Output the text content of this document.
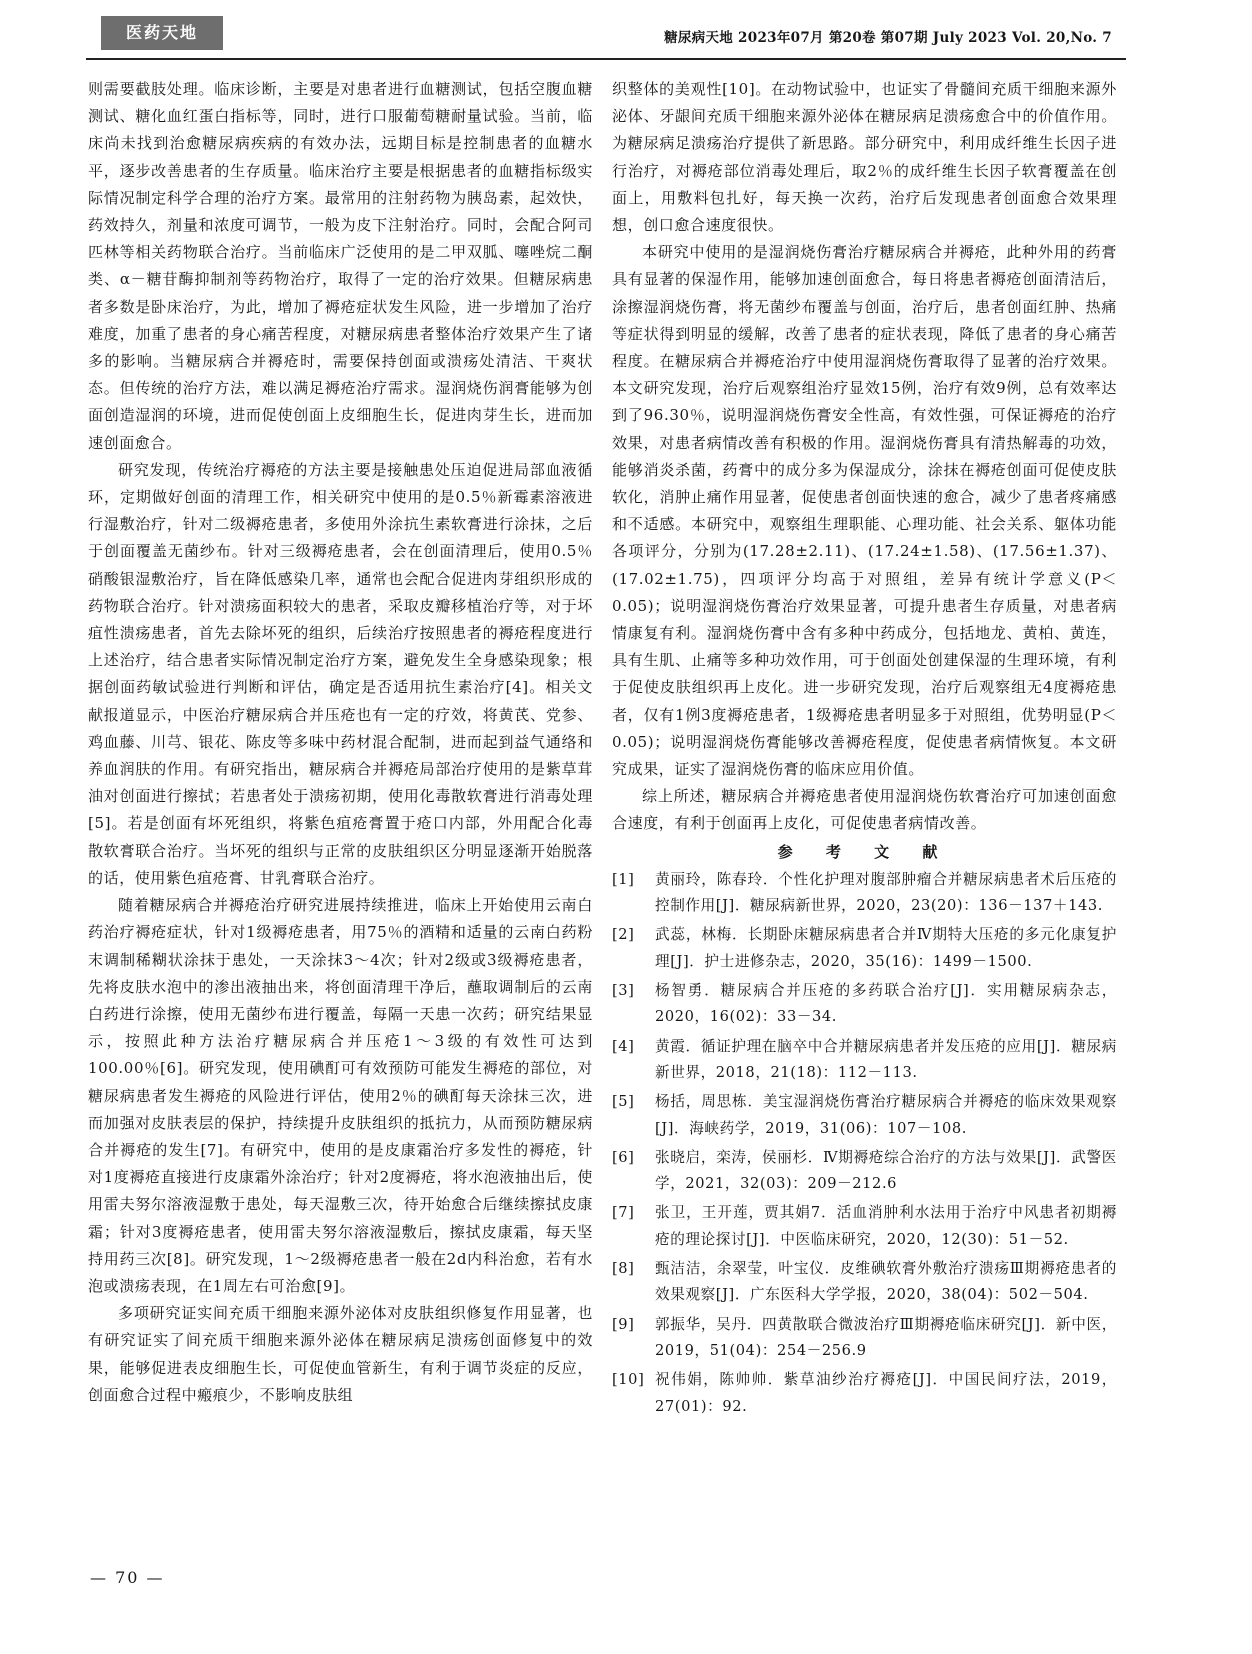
医药天地	糖尿病天地 2023年07月 第20卷 第07期 July 2023 Vol. 20,No. 7

则需要截肢处理。临床诊断，主要是对患者进行血糖测试，包括空腹血糖测试、糖化血红蛋白指标等，同时，进行口服葡萄糖耐量试验。当前，临床尚未找到治愈糖尿病疾病的有效办法，远期目标是控制患者的血糖水平，逐步改善患者的生存质量。临床治疗主要是根据患者的血糖指标级实际情况制定科学合理的治疗方案。最常用的注射药物为胰岛素，起效快，药效持久，剂量和浓度可调节，一般为皮下注射治疗。同时，会配合阿司匹林等相关药物联合治疗。当前临床广泛使用的是二甲双胍、噻唑烷二酮类、α－糖苷酶抑制剂等药物治疗，取得了一定的治疗效果。但糖尿病患者多数是卧床治疗，为此，增加了褥疮症状发生风险，进一步增加了治疗难度，加重了患者的身心痛苦程度，对糖尿病患者整体治疗效果产生了诸多的影响。当糖尿病合并褥疮时，需要保持创面或溃疡处清洁、干爽状态。但传统的治疗方法，难以满足褥疮治疗需求。湿润烧伤润膏能够为创面创造湿润的环境，进而促使创面上皮细胞生长，促进肉芽生长，进而加速创面愈合。

研究发现，传统治疗褥疮的方法主要是接触患处压迫促进局部血液循环，定期做好创面的清理工作，相关研究中使用的是0.5％新霉素溶液进行湿敷治疗，针对二级褥疮患者，多使用外涂抗生素软膏进行涂抹，之后于创面覆盖无菌纱布。针对三级褥疮患者，会在创面清理后，使用0.5％硝酸银湿敷治疗，旨在降低感染几率，通常也会配合促进肉芽组织形成的药物联合治疗。针对溃疡面积较大的患者，采取皮瓣移植治疗等，对于坏疽性溃疡患者，首先去除坏死的组织，后续治疗按照患者的褥疮程度进行上述治疗，结合患者实际情况制定治疗方案，避免发生全身感染现象；根据创面药敏试验进行判断和评估，确定是否适用抗生素治疗[4]。相关文献报道显示，中医治疗糖尿病合并压疮也有一定的疗效，将黄芪、党参、鸡血藤、川芎、银花、陈皮等多味中药材混合配制，进而起到益气通络和养血润肤的作用。有研究指出，糖尿病合并褥疮局部治疗使用的是紫草茸油对创面进行擦拭；若患者处于溃疡初期，使用化毒散软膏进行消毒处理[5]。若是创面有坏死组织，将紫色疽疮膏置于疮口内部，外用配合化毒散软膏联合治疗。当坏死的组织与正常的皮肤组织区分明显逐渐开始脱落的话，使用紫色疽疮膏、甘乳膏联合治疗。

随着糖尿病合并褥疮治疗研究进展持续推进，临床上开始使用云南白药治疗褥疮症状，针对1级褥疮患者，用75％的酒精和适量的云南白药粉末调制稀糊状涂抹于患处，一天涂抹3～4次；针对2级或3级褥疮患者，先将皮肤水泡中的渗出液抽出来，将创面清理干净后，蘸取调制后的云南白药进行涂擦，使用无菌纱布进行覆盖，每隔一天患一次药；研究结果显示，按照此种方法治疗糖尿病合并压疮1～3级的有效性可达到100.00％[6]。研究发现，使用碘酊可有效预防可能发生褥疮的部位，对糖尿病患者发生褥疮的风险进行评估，使用2％的碘酊每天涂抹三次，进而加强对皮肤表层的保护，持续提升皮肤组织的抵抗力，从而预防糖尿病合并褥疮的发生[7]。有研究中，使用的是皮康霜治疗多发性的褥疮，针对1度褥疮直接进行皮康霜外涂治疗；针对2度褥疮，将水泡液抽出后，使用雷夫努尔溶液湿敷于患处，每天湿敷三次，待开始愈合后继续擦拭皮康霜；针对3度褥疮患者，使用雷夫努尔溶液湿敷后，擦拭皮康霜，每天坚持用药三次[8]。研究发现，1～2级褥疮患者一般在2d内科治愈，若有水泡或溃疡表现，在1周左右可治愈[9]。

多项研究证实间充质干细胞来源外泌体对皮肤组织修复作用显著，也有研究证实了间充质干细胞来源外泌体在糖尿病足溃疡创面修复中的效果，能够促进表皮细胞生长，可促使血管新生，有利于调节炎症的反应，创面愈合过程中瘢痕少，不影响皮肤组

织整体的美观性[10]。在动物试验中，也证实了骨髓间充质干细胞来源外泌体、牙龈间充质干细胞来源外泌体在糖尿病足溃疡愈合中的价值作用。为糖尿病足溃疡治疗提供了新思路。部分研究中，利用成纤维生长因子进行治疗，对褥疮部位消毒处理后，取2％的成纤维生长因子软膏覆盖在创面上，用敷料包扎好，每天换一次药，治疗后发现患者创面愈合效果理想，创口愈合速度很快。

本研究中使用的是湿润烧伤膏治疗糖尿病合并褥疮，此种外用的药膏具有显著的保湿作用，能够加速创面愈合，每日将患者褥疮创面清洁后，涂擦湿润烧伤膏，将无菌纱布覆盖与创面，治疗后，患者创面红肿、热痛等症状得到明显的缓解，改善了患者的症状表现，降低了患者的身心痛苦程度。在糖尿病合并褥疮治疗中使用湿润烧伤膏取得了显著的治疗效果。本文研究发现，治疗后观察组治疗显效15例，治疗有效9例，总有效率达到了96.30％，说明湿润烧伤膏安全性高，有效性强，可保证褥疮的治疗效果，对患者病情改善有积极的作用。湿润烧伤膏具有清热解毒的功效，能够消炎杀菌，药膏中的成分多为保湿成分，涂抹在褥疮创面可促使皮肤软化，消肿止痛作用显著，促使患者创面快速的愈合，减少了患者疼痛感和不适感。本研究中，观察组生理职能、心理功能、社会关系、躯体功能各项评分，分别为(17.28±2.11)、(17.24±1.58)、(17.56±1.37)、(17.02±1.75)，四项评分均高于对照组，差异有统计学意义(P＜0.05)；说明湿润烧伤膏治疗效果显著，可提升患者生存质量，对患者病情康复有利。湿润烧伤膏中含有多种中药成分，包括地龙、黄柏、黄连，具有生肌、止痛等多种功效作用，可于创面处创建保湿的生理环境，有利于促使皮肤组织再上皮化。进一步研究发现，治疗后观察组无4度褥疮患者，仅有1例3度褥疮患者，1级褥疮患者明显多于对照组，优势明显(P＜0.05)；说明湿润烧伤膏能够改善褥疮程度，促使患者病情恢复。本文研究成果，证实了湿润烧伤膏的临床应用价值。

综上所述，糖尿病合并褥疮患者使用湿润烧伤软膏治疗可加速创面愈合速度，有利于创面再上皮化，可促使患者病情改善。

参 考 文 献
[1]	黄丽玲，陈春玲．个性化护理对腹部肿瘤合并糖尿病患者术后压疮的控制作用[J]．糖尿病新世界，2020，23(20)：136－137＋143.
[2]	武蕊，林梅．长期卧床糖尿病患者合并Ⅳ期特大压疮的多元化康复护理[J]．护士进修杂志，2020，35(16)：1499－1500.
[3]	杨智勇．糖尿病合并压疮的多药联合治疗[J]．实用糖尿病杂志，2020，16(02)：33－34.
[4]	黄霞．循证护理在脑卒中合并糖尿病患者并发压疮的应用[J]．糖尿病新世界，2018，21(18)：112－113.
[5]	杨括，周思栋．美宝湿润烧伤膏治疗糖尿病合并褥疮的临床效果观察[J]．海峡药学，2019，31(06)：107－108.
[6]	张晓启，栾涛，侯丽杉．Ⅳ期褥疮综合治疗的方法与效果[J]．武警医学，2021，32(03)：209－212.6
[7]	张卫，王开莲，贾其娟7．活血消肿利水法用于治疗中风患者初期褥疮的理论探讨[J]．中医临床研究，2020，12(30)：51－52.
[8]	甄洁洁，余翠莹，叶宝仪．皮维碘软膏外敷治疗溃疡Ⅲ期褥疮患者的效果观察[J]．广东医科大学学报，2020，38(04)：502－504.
[9]	郭振华，吴丹．四黄散联合微波治疗Ⅲ期褥疮临床研究[J]．新中医，2019，51(04)：254－256.9
[10] 祝伟娟，陈帅帅．紫草油纱治疗褥疮[J]．中国民间疗法，2019，27(01)：92.
— 70 —
